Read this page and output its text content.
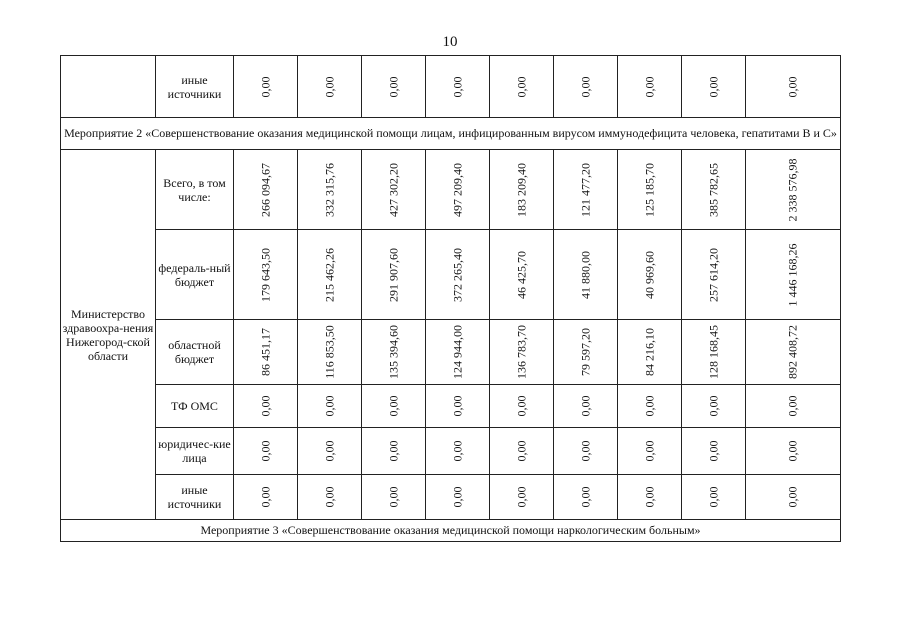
10
	иные источники	0,00	0,00	0,00	0,00	0,00	0,00	0,00	0,00	0,00

Мероприятие 2 «Совершенствование оказания медицинской помощи лицам, инфицированным вирусом иммунодефицита человека, гепатитами B и C»										
Министерство здравоохра-нения Нижегород-ской области	Всего, в том числе:	266 094,67	332 315,76	427 302,20	497 209,40	183 209,40	121 477,20	125 185,70	385 782,65	2 338 576,98

	федераль-ный бюджет	179 643,50	215 462,26	291 907,60	372 265,40	46 425,70	41 880,00	40 969,60	257 614,20	1 446 168,26

	областной бюджет	86 451,17	116 853,50	135 394,60	124 944,00	136 783,70	79 597,20	84 216,10	128 168,45	892 408,72

	ТФ ОМС	0,00	0,00	0,00	0,00	0,00	0,00	0,00	0,00	0,00

	юридичес-кие лица	0,00	0,00	0,00	0,00	0,00	0,00	0,00	0,00	0,00

	иные источники	0,00	0,00	0,00	0,00	0,00	0,00	0,00	0,00	0,00

Мероприятие 3 «Совершенствование оказания медицинской помощи наркологическим больным»										
